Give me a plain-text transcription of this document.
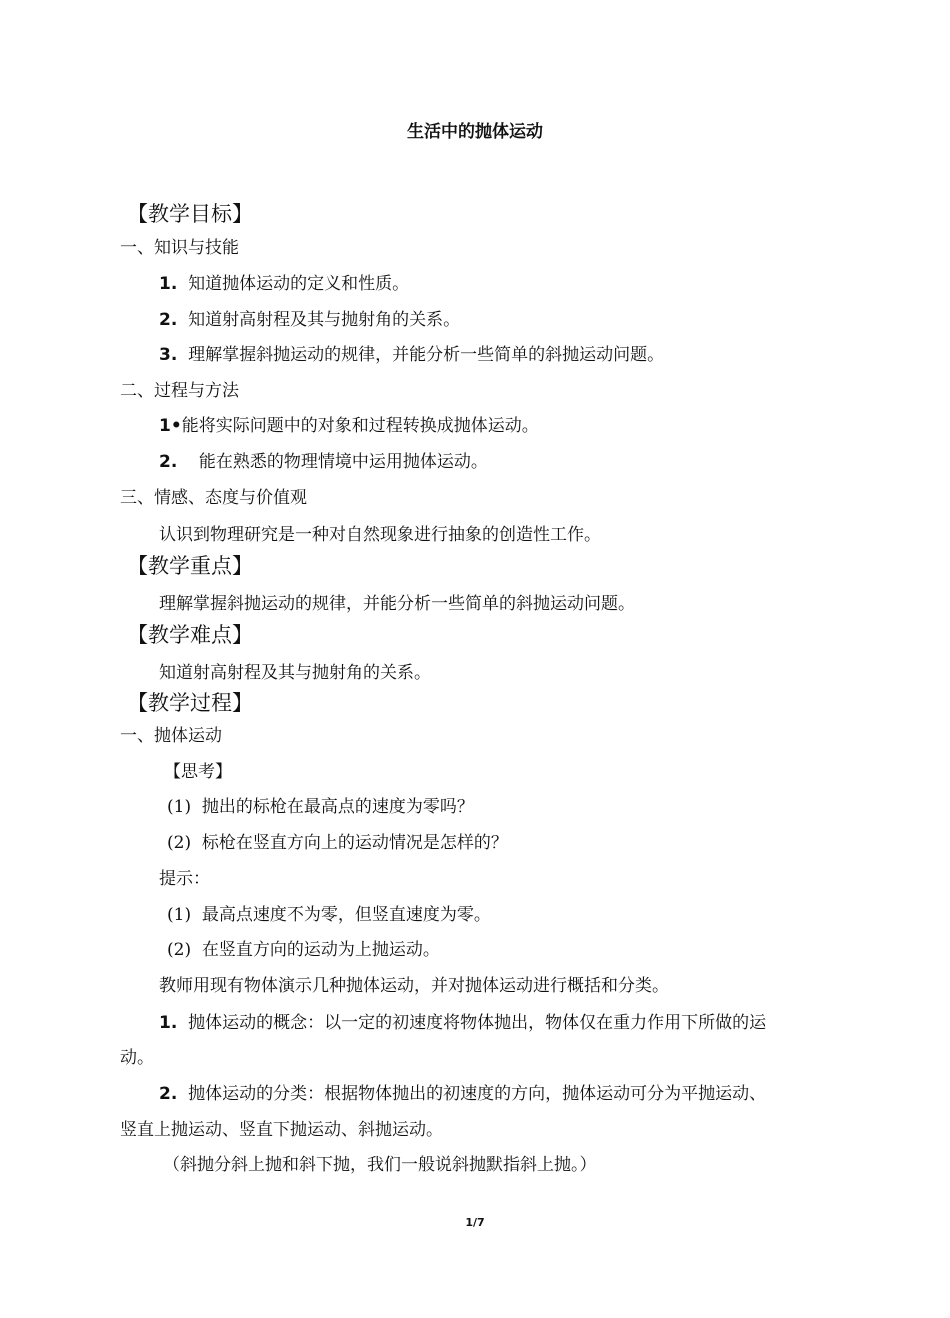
生活中的抛体运动
【教学目标】
一、知识与技能
1. 知道抛体运动的定义和性质。
2. 知道射高射程及其与抛射角的关系。
3. 理解掌握斜抛运动的规律，并能分析一些简单的斜抛运动问题。
二、过程与方法
1•能将实际问题中的对象和过程转换成抛体运动。
2. 能在熟悉的物理情境中运用抛体运动。
三、情感、态度与价值观
认识到物理研究是一种对自然现象进行抽象的创造性工作。
【教学重点】
理解掌握斜抛运动的规律，并能分析一些简单的斜抛运动问题。
【教学难点】
知道射高射程及其与抛射角的关系。
【教学过程】
一、抛体运动
【思考】
(1) 抛出的标枪在最高点的速度为零吗？
(2) 标枪在竖直方向上的运动情况是怎样的？
提示：
(1) 最高点速度不为零，但竖直速度为零。
(2) 在竖直方向的运动为上抛运动。
教师用现有物体演示几种抛体运动，并对抛体运动进行概括和分类。
1. 抛体运动的概念：以一定的初速度将物体抛出，物体仅在重力作用下所做的运
动。
2. 抛体运动的分类：根据物体抛出的初速度的方向，抛体运动可分为平抛运动、
竖直上抛运动、竖直下抛运动、斜抛运动。
（斜抛分斜上抛和斜下抛，我们一般说斜抛默指斜上抛。）
1/7
